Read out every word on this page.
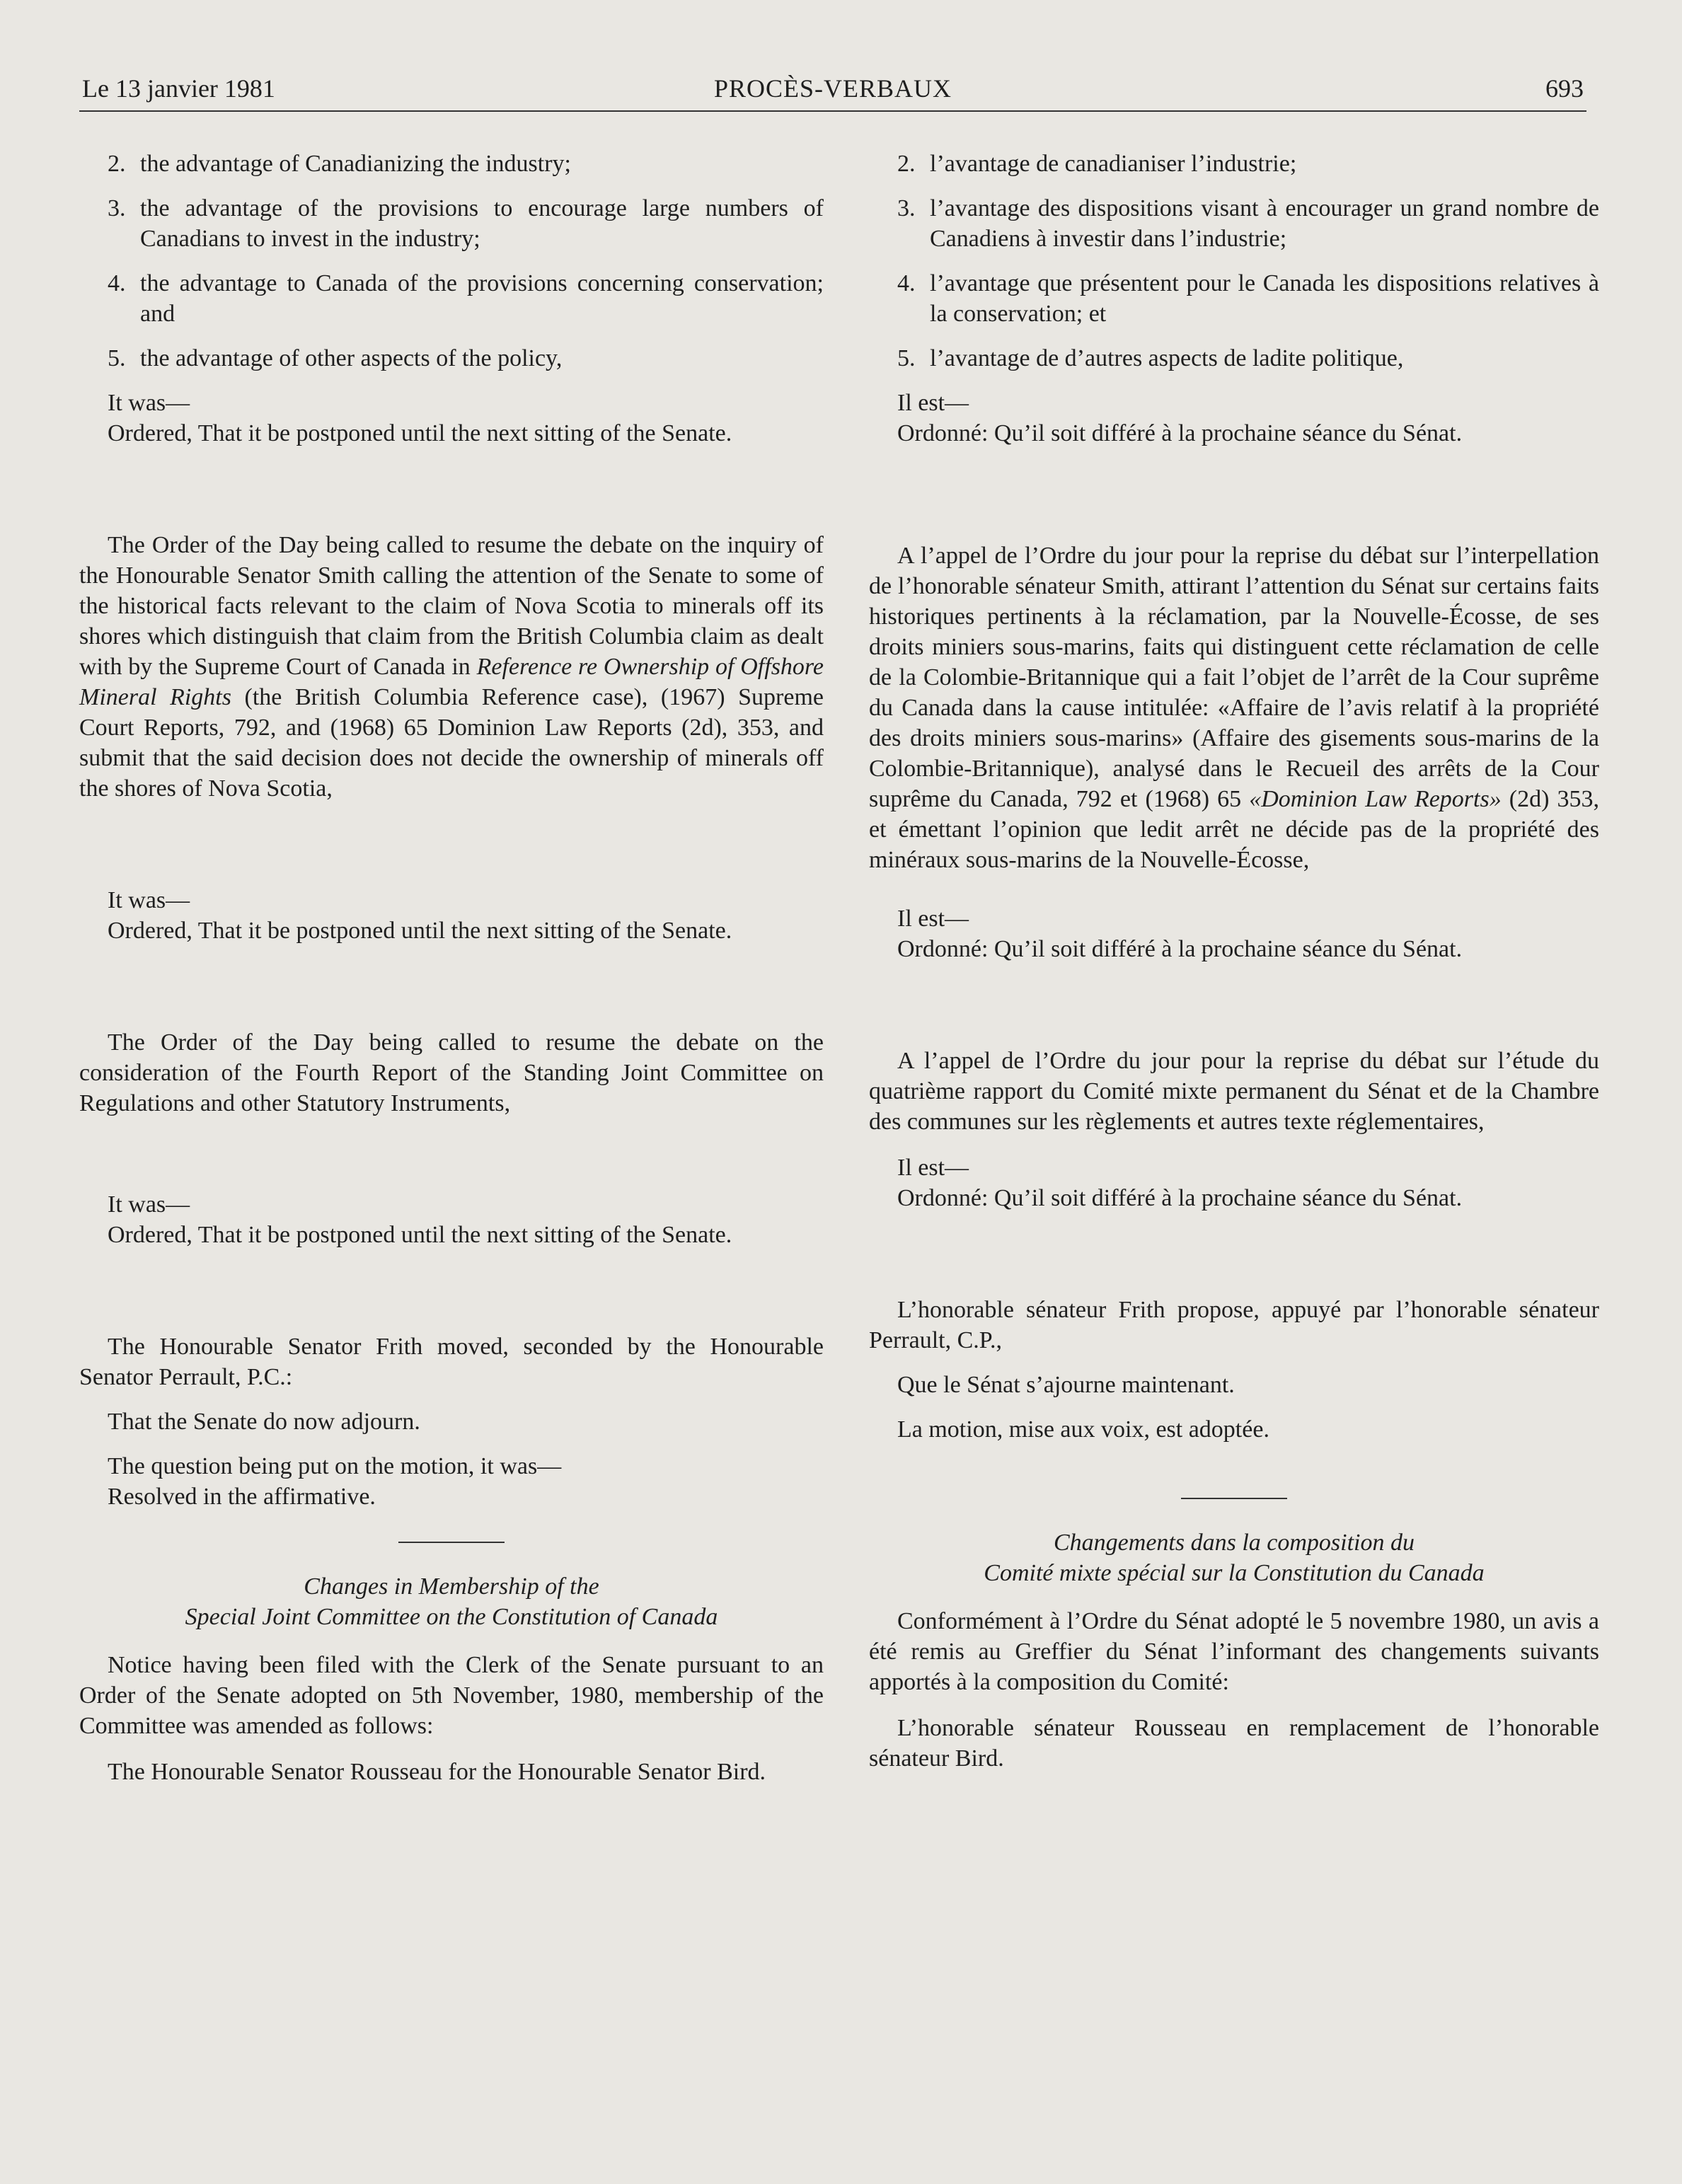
Le 13 janvier 1981	PROCÈS-VERBAUX	693
2. the advantage of Canadianizing the industry;
3. the advantage of the provisions to encourage large numbers of Canadians to invest in the industry;
4. the advantage to Canada of the provisions concerning conservation; and
5. the advantage of other aspects of the policy,

It was—

Ordered, That it be postponed until the next sitting of the Senate.

The Order of the Day being called to resume the debate on the inquiry of the Honourable Senator Smith calling the attention of the Senate to some of the historical facts relevant to the claim of Nova Scotia to minerals off its shores which distinguish that claim from the British Columbia claim as dealt with by the Supreme Court of Canada in Reference re Ownership of Offshore Mineral Rights (the British Columbia Reference case), (1967) Supreme Court Reports, 792, and (1968) 65 Dominion Law Reports (2d), 353, and submit that the said decision does not decide the ownership of minerals off the shores of Nova Scotia,

It was—

Ordered, That it be postponed until the next sitting of the Senate.

The Order of the Day being called to resume the debate on the consideration of the Fourth Report of the Standing Joint Committee on Regulations and other Statutory Instruments,

It was—

Ordered, That it be postponed until the next sitting of the Senate.

The Honourable Senator Frith moved, seconded by the Honourable Senator Perrault, P.C.:

That the Senate do now adjourn.

The question being put on the motion, it was—

Resolved in the affirmative.

Changes in Membership of the

Special Joint Committee on the Constitution of Canada

Notice having been filed with the Clerk of the Senate pursuant to an Order of the Senate adopted on 5th November, 1980, membership of the Committee was amended as follows:

The Honourable Senator Rousseau for the Honourable Senator Bird.

2. l’avantage de canadianiser l’industrie;
3. l’avantage des dispositions visant à encourager un grand nombre de Canadiens à investir dans l’industrie;
4. l’avantage que présentent pour le Canada les dispositions relatives à la conservation; et
5. l’avantage de d’autres aspects de ladite politique,

Il est—

Ordonné: Qu’il soit différé à la prochaine séance du Sénat.

A l’appel de l’Ordre du jour pour la reprise du débat sur l’interpellation de l’honorable sénateur Smith, attirant l’attention du Sénat sur certains faits historiques pertinents à la réclamation, par la Nouvelle-Écosse, de ses droits miniers sous-marins, faits qui distinguent cette réclamation de celle de la Colombie-Britannique qui a fait l’objet de l’arrêt de la Cour suprême du Canada dans la cause intitulée: «Affaire de l’avis relatif à la propriété des droits miniers sous-marins» (Affaire des gisements sous-marins de la Colombie-Britannique), analysé dans le Recueil des arrêts de la Cour suprême du Canada, 792 et (1968) 65 «Dominion Law Reports» (2d) 353, et émettant l’opinion que ledit arrêt ne décide pas de la propriété des minéraux sous-marins de la Nouvelle-Écosse,

Il est—

Ordonné: Qu’il soit différé à la prochaine séance du Sénat.

A l’appel de l’Ordre du jour pour la reprise du débat sur l’étude du quatrième rapport du Comité mixte permanent du Sénat et de la Chambre des communes sur les règlements et autres texte réglementaires,

Il est—

Ordonné: Qu’il soit différé à la prochaine séance du Sénat.

L’honorable sénateur Frith propose, appuyé par l’honorable sénateur Perrault, C.P.,

Que le Sénat s’ajourne maintenant.

La motion, mise aux voix, est adoptée.

Changements dans la composition du

Comité mixte spécial sur la Constitution du Canada

Conformément à l’Ordre du Sénat adopté le 5 novembre 1980, un avis a été remis au Greffier du Sénat l’informant des changements suivants apportés à la composition du Comité:

L’honorable sénateur Rousseau en remplacement de l’honorable sénateur Bird.
